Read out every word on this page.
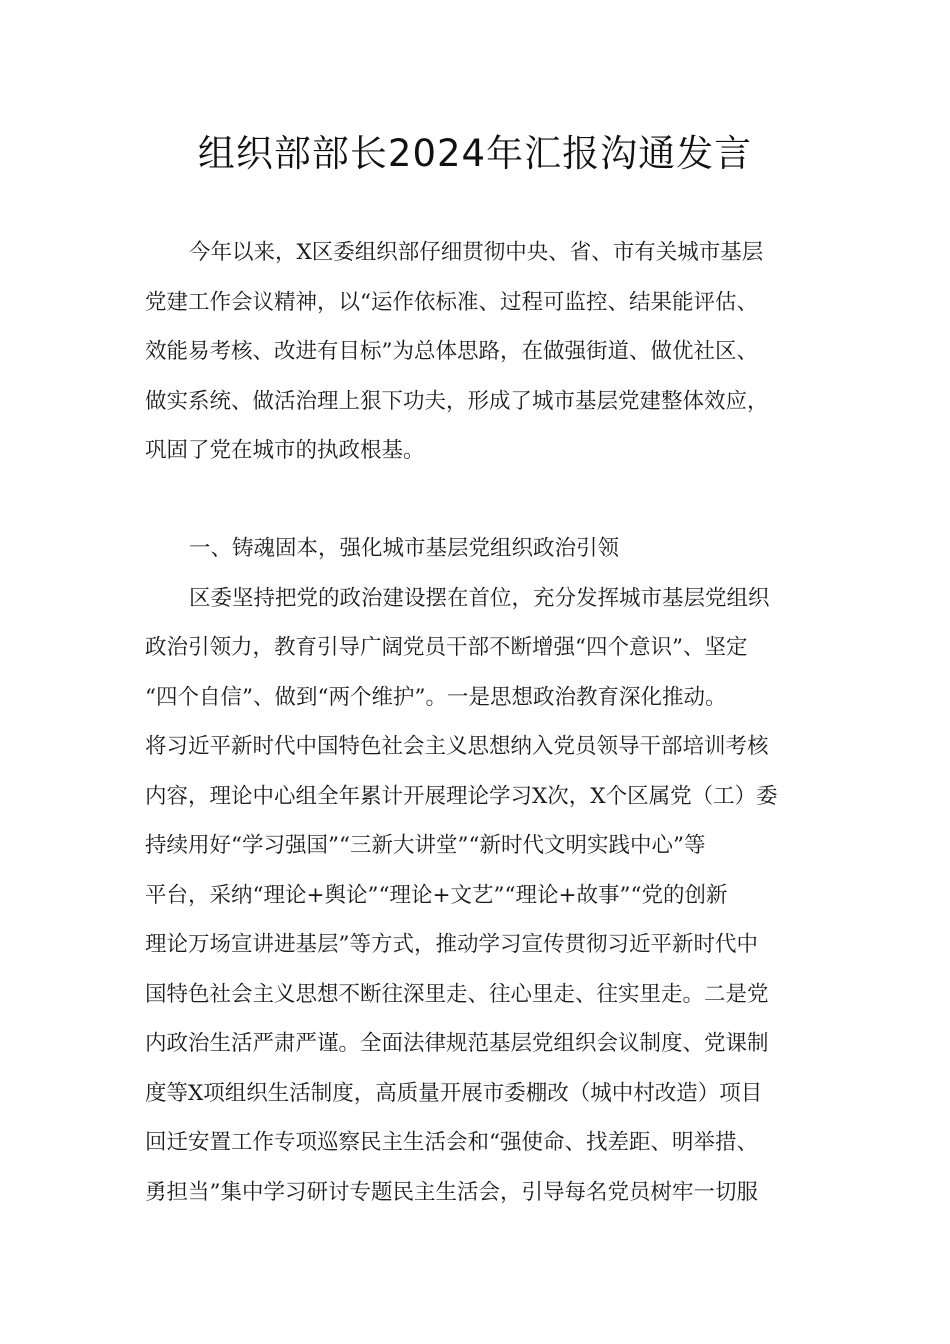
组织部部长2024年汇报沟通发言
今年以来，X区委组织部仔细贯彻中央、省、市有关城市基层
党建工作会议精神，以“运作依标准、过程可监控、结果能评估、
效能易考核、改进有目标”为总体思路，在做强街道、做优社区、
做实系统、做活治理上狠下功夫，形成了城市基层党建整体效应，
巩固了党在城市的执政根基。
一、铸魂固本，强化城市基层党组织政治引领
区委坚持把党的政治建设摆在首位，充分发挥城市基层党组织
政治引领力，教育引导广阔党员干部不断增强“四个意识”、坚定
“四个自信”、做到“两个维护”。一是思想政治教育深化推动。
将习近平新时代中国特色社会主义思想纳入党员领导干部培训考核
内容，理论中心组全年累计开展理论学习X次，X个区属党（工）委
持续用好“学习强国”“三新大讲堂”“新时代文明实践中心”等
平台，采纳“理论+舆论”“理论+文艺”“理论+故事”“党的创新
理论万场宣讲进基层”等方式，推动学习宣传贯彻习近平新时代中
国特色社会主义思想不断往深里走、往心里走、往实里走。二是党
内政治生活严肃严谨。全面法律规范基层党组织会议制度、党课制
度等X项组织生活制度，高质量开展市委棚改（城中村改造）项目
回迁安置工作专项巡察民主生活会和“强使命、找差距、明举措、
勇担当”集中学习研讨专题民主生活会，引导每名党员树牢一切服
